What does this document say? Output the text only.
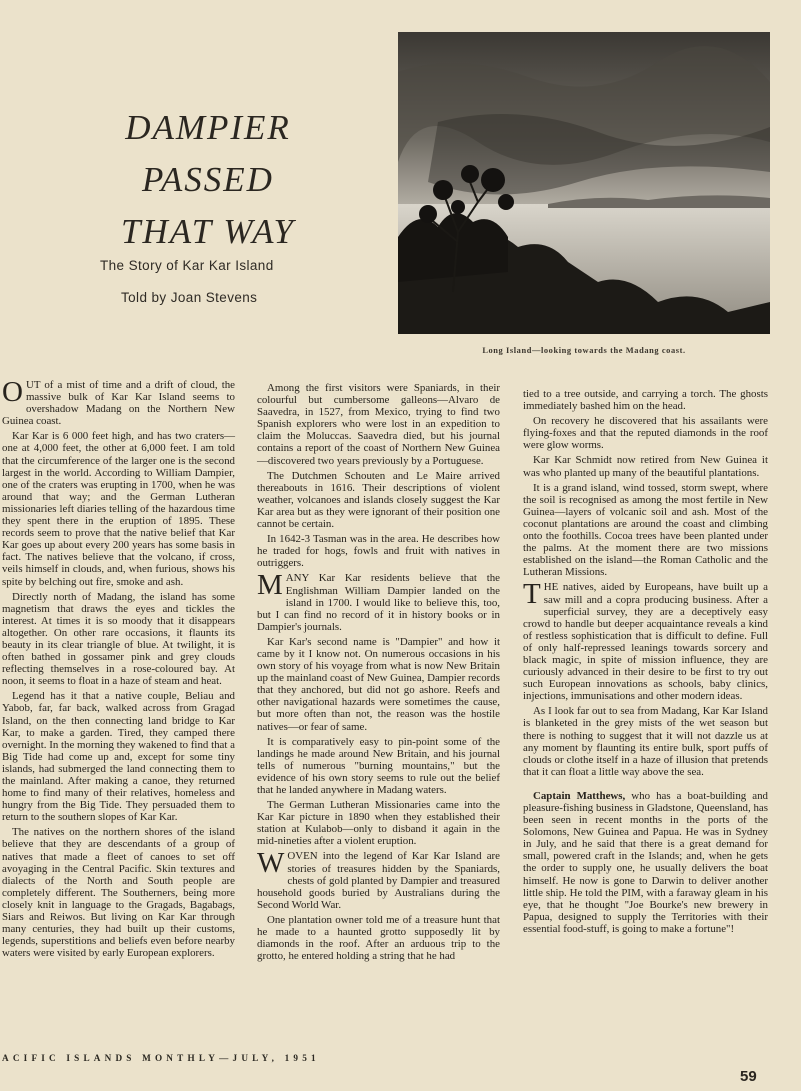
DAMPIER PASSED
THAT WAY
The Story of Kar Kar Island
Told by Joan Stevens
Long Island—looking towards the Madang coast.

OUT of a mist of time and a drift of cloud, the massive bulk of Kar Kar Island seems to overshadow Madang on the Northern New Guinea coast.

Kar Kar is 6 000 feet high, and has two craters—one at 4,000 feet, the other at 6,000 feet. I am told that the circumference of the larger one is the second largest in the world. According to William Dampier, one of the craters was erupting in 1700, when he was around that way; and the German Lutheran missionaries left diaries telling of the hazardous time they spent there in the eruption of 1895. These records seem to prove that the native belief that Kar Kar goes up about every 200 years has some basis in fact. The natives believe that the volcano, if cross, veils himself in clouds, and, when furious, shows his spite by belching out fire, smoke and ash.

Directly north of Madang, the island has some magnetism that draws the eyes and tickles the interest. At times it is so moody that it disappears altogether. On other rare occasions, it flaunts its beauty in its clear triangle of blue. At twilight, it is often bathed in gossamer pink and grey clouds reflecting themselves in a rose-coloured bay. At noon, it seems to float in a haze of steam and heat.

Legend has it that a native couple, Beliau and Yabob, far, far back, walked across from Gragad Island, on the then connecting land bridge to Kar Kar, to make a garden. Tired, they camped there overnight. In the morning they wakened to find that a Big Tide had come up and, except for some tiny islands, had submerged the land connecting them to the mainland. After making a canoe, they returned home to find many of their relatives, homeless and hungry from the Big Tide. They persuaded them to return to the southern slopes of Kar Kar.

The natives on the northern shores of the island believe that they are descendants of a group of natives that made a fleet of canoes to set off avoyaging in the Central Pacific. Skin textures and dialects of the North and South people are completely different. The Southerners, being more closely knit in language to the Gragads, Bagabags, Siars and Reiwos. But living on Kar Kar through many centuries, they had built up their customs, legends, superstitions and beliefs even before nearby waters were visited by early European explorers.

Among the first visitors were Spaniards, in their colourful but cumbersome galleons—Alvaro de Saavedra, in 1527, from Mexico, trying to find two Spanish explorers who were lost in an expedition to claim the Moluccas. Saavedra died, but his journal contains a report of the coast of Northern New Guinea—discovered two years previously by a Portuguese.

The Dutchmen Schouten and Le Maire arrived thereabouts in 1616. Their descriptions of violent weather, volcanoes and islands closely suggest the Kar Kar area but as they were ignorant of their position one cannot be certain.

In 1642-3 Tasman was in the area. He describes how he traded for hogs, fowls and fruit with natives in outriggers.

MANY Kar Kar residents believe that the Englishman William Dampier landed on the island in 1700. I would like to believe this, too, but I can find no record of it in history books or in Dampier's journals.

Kar Kar's second name is "Dampier" and how it came by it I know not. On numerous occasions in his own story of his voyage from what is now New Britain up the mainland coast of New Guinea, Dampier records that they anchored, but did not go ashore. Reefs and other navigational hazards were sometimes the cause, but more often than not, the reason was the hostile natives—or fear of same.

It is comparatively easy to pin-point some of the landings he made around New Britain, and his journal tells of numerous "burning mountains," but the evidence of his own story seems to rule out the belief that he landed anywhere in Madang waters.

The German Lutheran Missionaries came into the Kar Kar picture in 1890 when they established their station at Kulabob—only to disband it again in the mid-nineties after a violent eruption.

WOVEN into the legend of Kar Kar Island are stories of treasures hidden by the Spaniards, chests of gold planted by Dampier and treasured household goods buried by Australians during the Second World War.

One plantation owner told me of a treasure hunt that he made to a haunted grotto supposedly lit by diamonds in the roof. After an arduous trip to the grotto, he entered holding a string that he had

tied to a tree outside, and carrying a torch. The ghosts immediately bashed him on the head.

On recovery he discovered that his assailants were flying-foxes and that the reputed diamonds in the roof were glow worms.

Kar Kar Schmidt now retired from New Guinea it was who planted up many of the beautiful plantations.

It is a grand island, wind tossed, storm swept, where the soil is recognised as among the most fertile in New Guinea—layers of volcanic soil and ash. Most of the coconut plantations are around the coast and climbing onto the foothills. Cocoa trees have been planted under the palms. At the moment there are two missions established on the island—the Roman Catholic and the Lutheran Missions.

THE natives, aided by Europeans, have built up a saw mill and a copra producing business. After a superficial survey, they are a deceptively easy crowd to handle but deeper acquaintance reveals a kind of restless sophistication that is difficult to define. Full of only half-repressed leanings towards sorcery and black magic, in spite of mission influence, they are curiously advanced in their desire to be first to try out such European innovations as schools, baby clinics, injections, immunisations and other modern ideas.

As I look far out to sea from Madang, Kar Kar Island is blanketed in the grey mists of the wet season but there is nothing to suggest that it will not dazzle us at any moment by flaunting its entire bulk, sport puffs of clouds or clothe itself in a haze of illusion that pretends that it can float a little way above the sea.

Captain Matthews, who has a boat-building and pleasure-fishing business in Gladstone, Queensland, has been seen in recent months in the ports of the Solomons, New Guinea and Papua. He was in Sydney in July, and he said that there is a great demand for small, powered craft in the Islands; and, when he gets the order to supply one, he usually delivers the boat himself. He now is gone to Darwin to deliver another little ship. He told the PIM, with a faraway gleam in his eye, that he thought "Joe Bourke's new brewery in Papua, designed to supply the Territories with their essential food-stuff, is going to make a fortune"!

ACIFIC ISLANDS MONTHLY—JULY, 1951
59
